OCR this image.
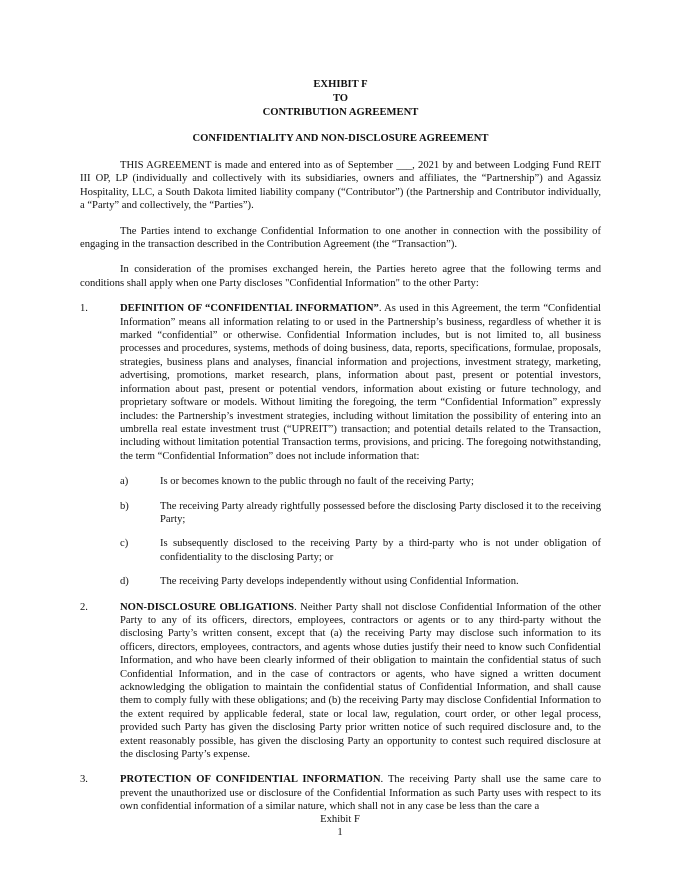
EXHIBIT F
TO
CONTRIBUTION AGREEMENT
CONFIDENTIALITY AND NON-DISCLOSURE AGREEMENT

THIS AGREEMENT is made and entered into as of September ___, 2021 by and between Lodging Fund REIT III OP, LP (individually and collectively with its subsidiaries, owners and affiliates, the “Partnership”) and Agassiz Hospitality, LLC, a South Dakota limited liability company (“Contributor”) (the Partnership and Contributor individually, a “Party” and collectively, the “Parties”).

The Parties intend to exchange Confidential Information to one another in connection with the possibility of engaging in the transaction described in the Contribution Agreement (the “Transaction”).

In consideration of the promises exchanged herein, the Parties hereto agree that the following terms and conditions shall apply when one Party discloses "Confidential Information" to the other Party:

1.	DEFINITION OF “CONFIDENTIAL INFORMATION”. As used in this Agreement, the term “Confidential Information” means all information relating to or used in the Partnership’s business, regardless of whether it is marked “confidential” or otherwise. Confidential Information includes, but is not limited to, all business processes and procedures, systems, methods of doing business, data, reports, specifications, formulae, proposals, strategies, business plans and analyses, financial information and projections, investment strategy, marketing, advertising, promotions, market research, plans, information about past, present or potential investors, information about past, present or potential vendors, information about existing or future technology, and proprietary software or models. Without limiting the foregoing, the term “Confidential Information” expressly includes: the Partnership’s investment strategies, including without limitation the possibility of entering into an umbrella real estate investment trust (“UPREIT”) transaction; and potential details related to the Transaction, including without limitation potential Transaction terms, provisions, and pricing. The foregoing notwithstanding, the term “Confidential Information” does not include information that:
a)	Is or becomes known to the public through no fault of the receiving Party;
b)	The receiving Party already rightfully possessed before the disclosing Party disclosed it to the receiving Party;
c)	Is subsequently disclosed to the receiving Party by a third-party who is not under obligation of confidentiality to the disclosing Party; or
d)	The receiving Party develops independently without using Confidential Information.
2.	NON-DISCLOSURE OBLIGATIONS. Neither Party shall not disclose Confidential Information of the other Party to any of its officers, directors, employees, contractors or agents or to any third-party without the disclosing Party’s written consent, except that (a) the receiving Party may disclose such information to its officers, directors, employees, contractors, and agents whose duties justify their need to know such Confidential Information, and who have been clearly informed of their obligation to maintain the confidential status of such Confidential Information, and in the case of contractors or agents, who have signed a written document acknowledging the obligation to maintain the confidential status of Confidential Information, and shall cause them to comply fully with these obligations; and (b) the receiving Party may disclose Confidential Information to the extent required by applicable federal, state or local law, regulation, court order, or other legal process, provided such Party has given the disclosing Party prior written notice of such required disclosure and, to the extent reasonably possible, has given the disclosing Party an opportunity to contest such required disclosure at the disclosing Party’s expense.
3.	PROTECTION OF CONFIDENTIAL INFORMATION. The receiving Party shall use the same care to prevent the unauthorized use or disclosure of the Confidential Information as such Party uses with respect to its own confidential information of a similar nature, which shall not in any case be less than the care a
Exhibit F
1
